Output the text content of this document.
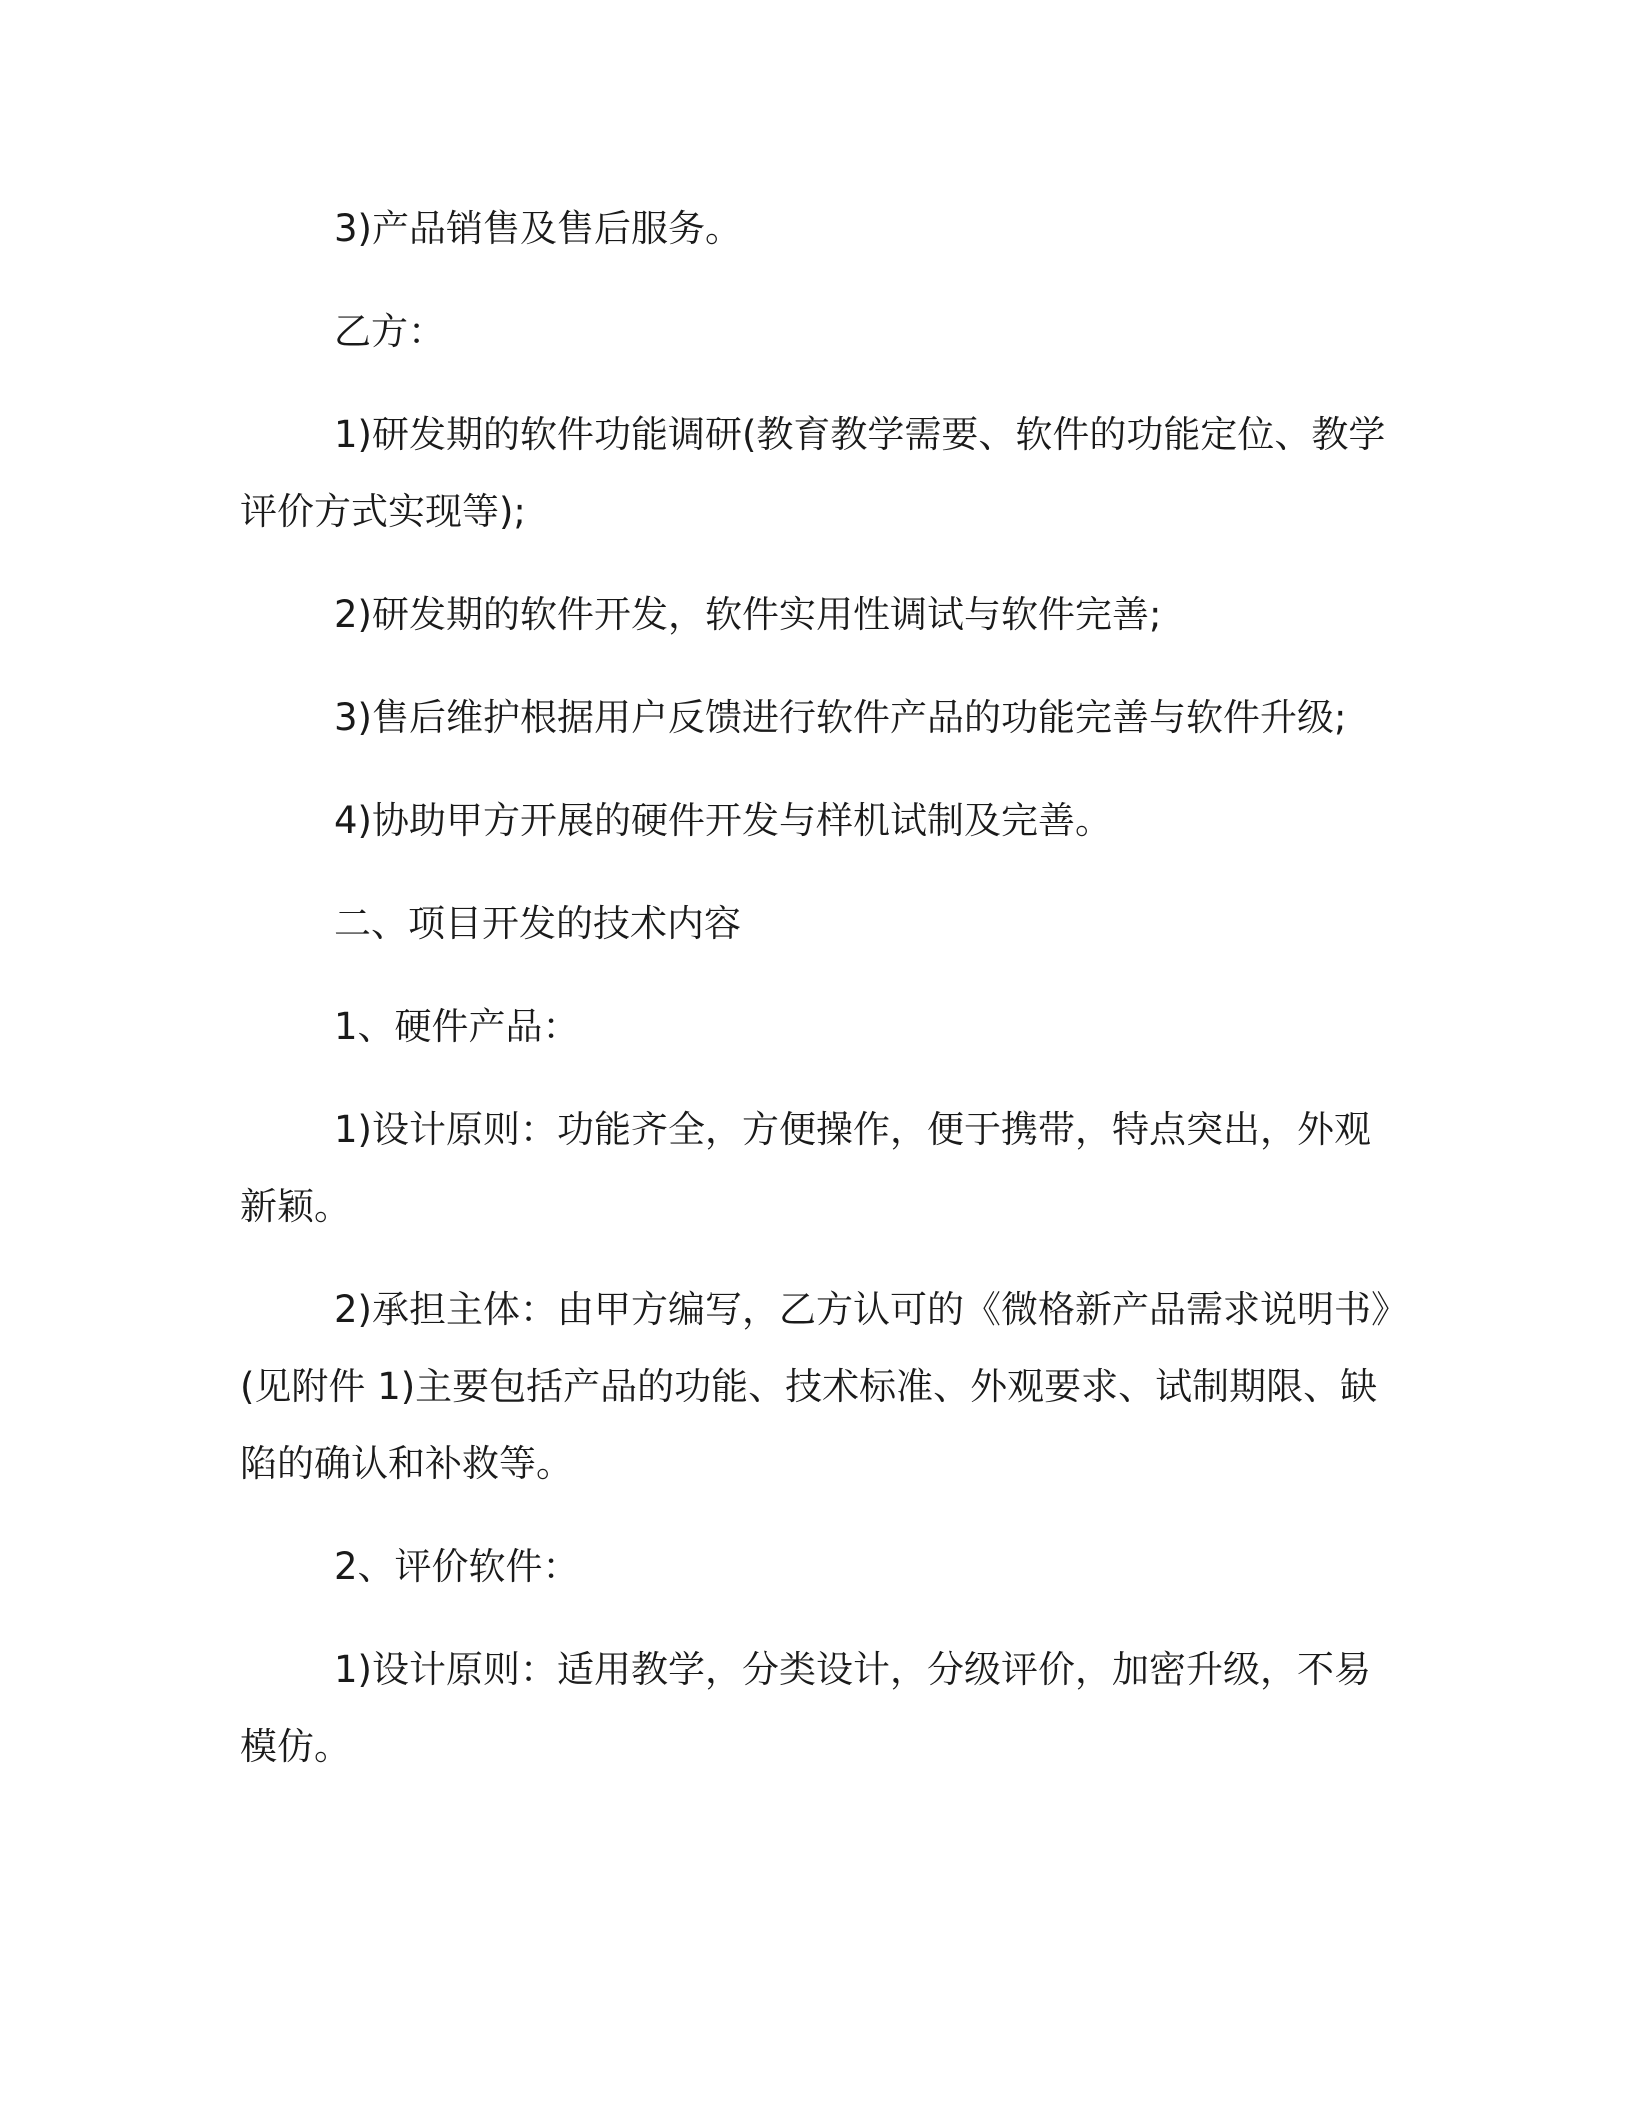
3)产品销售及售后服务。
乙方：
1)研发期的软件功能调研(教育教学需要、软件的功能定位、教学
评价方式实现等);
2)研发期的软件开发，软件实用性调试与软件完善;
3)售后维护根据用户反馈进行软件产品的功能完善与软件升级;
4)协助甲方开展的硬件开发与样机试制及完善。
二、项目开发的技术内容
1、硬件产品：
1)设计原则：功能齐全，方便操作，便于携带，特点突出，外观
新颖。
2)承担主体：由甲方编写，乙方认可的《微格新产品需求说明书》
(见附件 1)主要包括产品的功能、技术标准、外观要求、试制期限、缺
陷的确认和补救等。
2、评价软件：
1)设计原则：适用教学，分类设计，分级评价，加密升级，不易
模仿。
